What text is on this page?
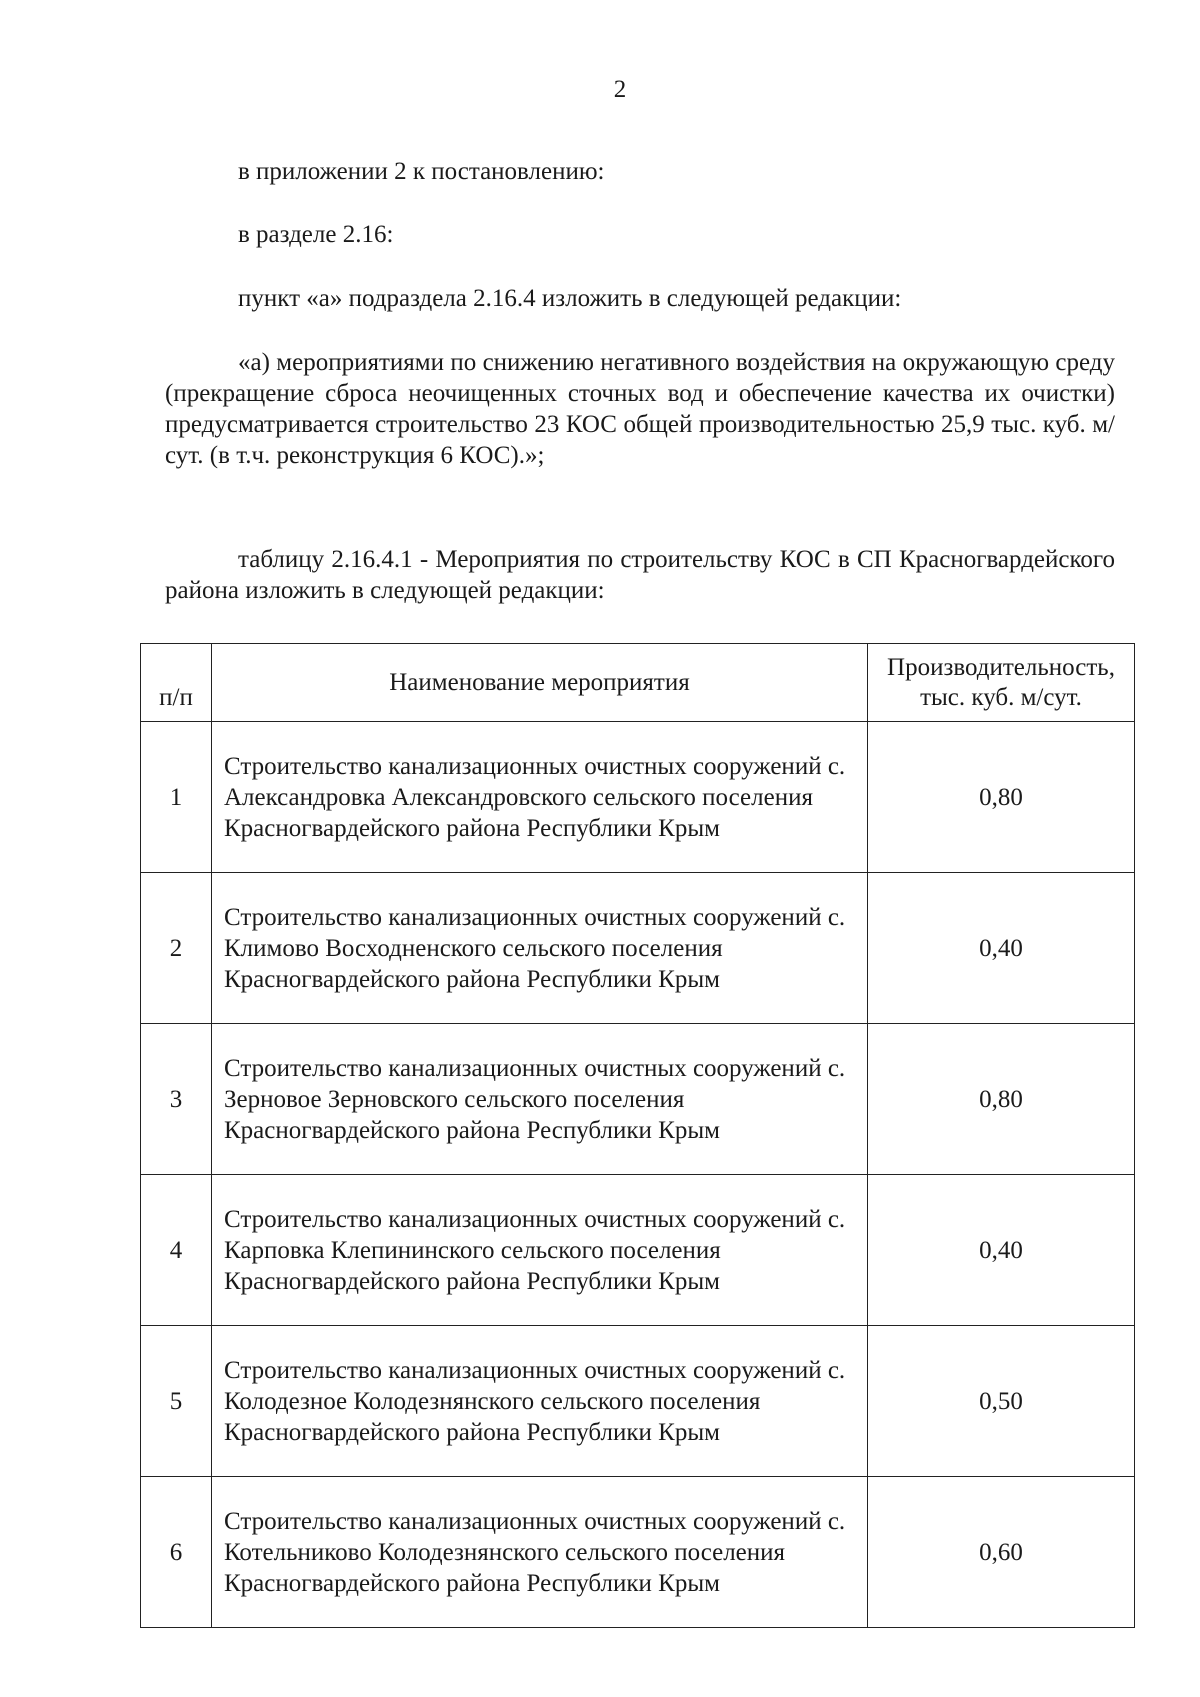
2

в приложении 2 к постановлению:

в разделе 2.16:

пункт «а» подраздела 2.16.4 изложить в следующей редакции:

«а) мероприятиями по снижению негативного воздействия на окружающую среду (прекращение сброса неочищенных сточных вод и обеспечение качества их очистки) предусматривается строительство 23 КОС общей производительностью 25,9 тыс. куб. м/сут. (в т.ч. реконструкция 6 КОС).»;

таблицу 2.16.4.1 - Мероприятия по строительству КОС в СП Красногвардейского района изложить в следующей редакции:

п/п	Наименование мероприятия	Производительность,
тыс. куб. м/сут.
1	Строительство канализационных очистных сооружений с. Александровка Александровского сельского поселения Красногвардейского района Республики Крым	0,80
2	Строительство канализационных очистных сооружений с. Климово Восходненского сельского поселения Красногвардейского района Республики Крым	0,40
3	Строительство канализационных очистных сооружений с. Зерновое Зерновского сельского поселения Красногвардейского района Республики Крым	0,80
4	Строительство канализационных очистных сооружений с. Карповка Клепининского сельского поселения Красногвардейского района Республики Крым	0,40
5	Строительство канализационных очистных сооружений с. Колодезное Колодезнянского сельского поселения Красногвардейского района Республики Крым	0,50
6	Строительство канализационных очистных сооружений с. Котельниково Колодезнянского сельского поселения Красногвардейского района Республики Крым	0,60
